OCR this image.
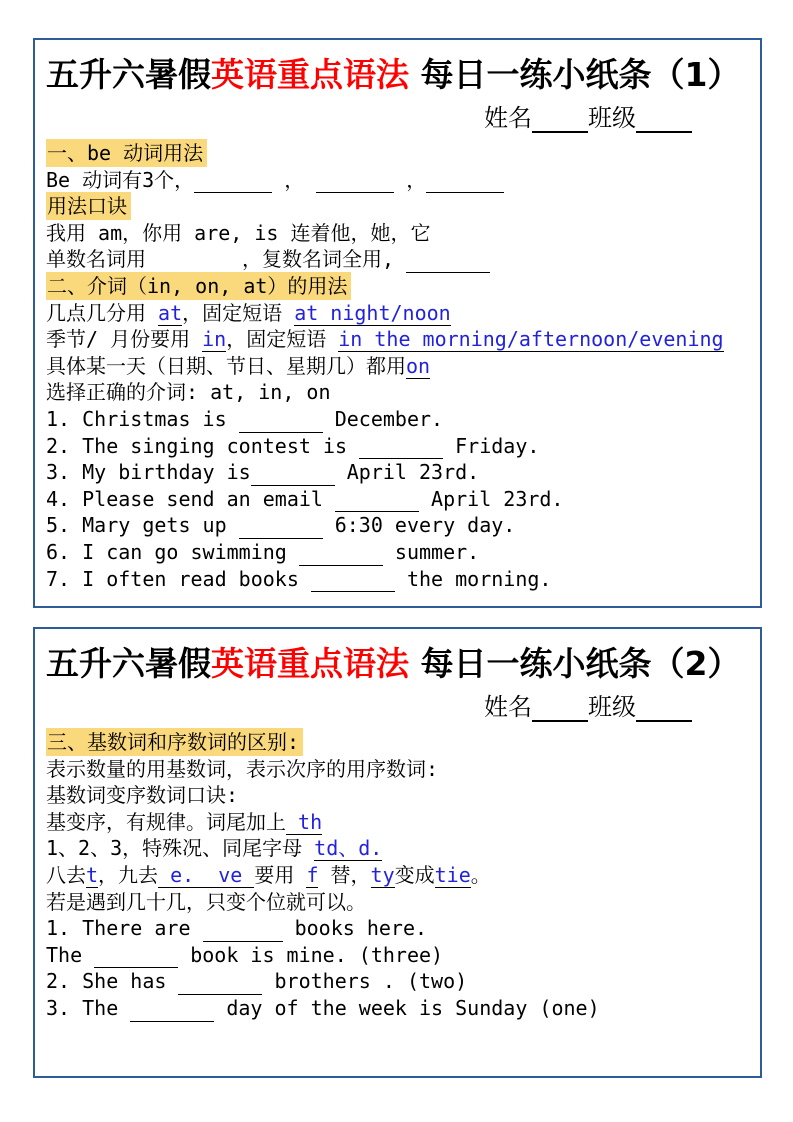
五升六暑假英语重点语法 每日一练小纸条（1）
姓名 班级
一、be 动词用法
Be 动词有3个，	，	，
用法口诀
我用 am，你用 are, is 连着他，她，它
单数名词用	，复数名词全用,
二、介词（in, on, at）的用法
几点几分用 at，固定短语 at night/noon
季节/ 月份要用 in，固定短语 in the morning/afternoon/evening
具体某一天（日期、节日、星期几）都用on
选择正确的介词: at, in, on
1. Christmas is	December.
2. The singing contest is	Friday.
3. My birthday is	April 23rd.
4. Please send an email	April 23rd.
5. Mary gets up	6:30 every day.
6. I can go swimming	summer.
7. I often read books	the morning.
五升六暑假英语重点语法 每日一练小纸条（2）
姓名 班级
三、基数词和序数词的区别:
表示数量的用基数词，表示次序的用序数词:
基数词变序数词口诀:
基变序，有规律。词尾加上 th
1、2、3，特殊况、同尾字母 td、d.
八去t，九去 e.  ve 要用 f 替，ty变成tie。
若是遇到几十几，只变个位就可以。
1. There are	books here.
The	book is mine. (three)
2. She has	brothers . (two)
3. The	day of the week is Sunday (one)
